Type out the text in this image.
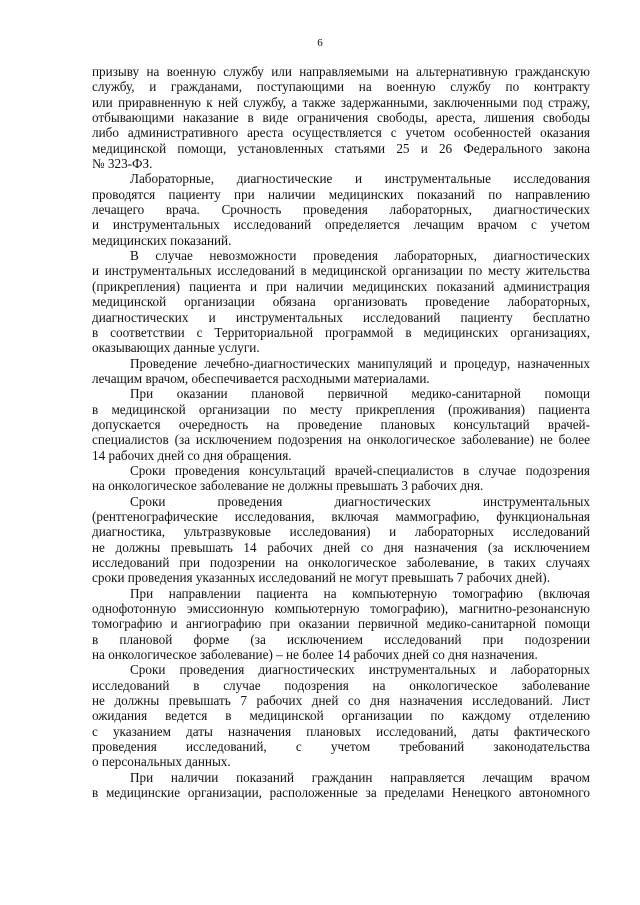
6
призыву на военную службу или направляемыми на альтернативную гражданскую
службу, и гражданами, поступающими на военную службу по контракту
или приравненную к ней службу, а также задержанными, заключенными под стражу,
отбывающими наказание в виде ограничения свободы, ареста, лишения свободы
либо административного ареста осуществляется с учетом особенностей оказания
медицинской помощи, установленных статьями 25 и 26 Федерального закона
№ 323-ФЗ.
Лабораторные, диагностические и инструментальные исследования
проводятся пациенту при наличии медицинских показаний по направлению
лечащего врача. Срочность проведения лабораторных, диагностических
и инструментальных исследований определяется лечащим врачом с учетом
медицинских показаний.
В случае невозможности проведения лабораторных, диагностических
и инструментальных исследований в медицинской организации по месту жительства
(прикрепления) пациента и при наличии медицинских показаний администрация
медицинской организации обязана организовать проведение лабораторных,
диагностических и инструментальных исследований пациенту бесплатно
в соответствии с Территориальной программой в медицинских организациях,
оказывающих данные услуги.
Проведение лечебно-диагностических манипуляций и процедур, назначенных
лечащим врачом, обеспечивается расходными материалами.
При оказании плановой первичной медико-санитарной помощи
в медицинской организации по месту прикрепления (проживания) пациента
допускается очередность на проведение плановых консультаций врачей-
специалистов (за исключением подозрения на онкологическое заболевание) не более
14 рабочих дней со дня обращения.
Сроки проведения консультаций врачей-специалистов в случае подозрения
на онкологическое заболевание не должны превышать 3 рабочих дня.
Сроки проведения диагностических инструментальных
(рентгенографические исследования, включая маммографию, функциональная
диагностика, ультразвуковые исследования) и лабораторных исследований
не должны превышать 14 рабочих дней со дня назначения (за исключением
исследований при подозрении на онкологическое заболевание, в таких случаях
сроки проведения указанных исследований не могут превышать 7 рабочих дней).
При направлении пациента на компьютерную томографию (включая
однофотонную эмиссионную компьютерную томографию), магнитно-резонансную
томографию и ангиографию при оказании первичной медико-санитарной помощи
в плановой форме (за исключением исследований при подозрении
на онкологическое заболевание) – не более 14 рабочих дней со дня назначения.
Сроки проведения диагностических инструментальных и лабораторных
исследований в случае подозрения на онкологическое заболевание
не должны превышать 7 рабочих дней со дня назначения исследований. Лист
ожидания ведется в медицинской организации по каждому отделению
с указанием даты назначения плановых исследований, даты фактического
проведения исследований, с учетом требований законодательства
о персональных данных.
При наличии показаний гражданин направляется лечащим врачом
в медицинские организации, расположенные за пределами Ненецкого автономного
